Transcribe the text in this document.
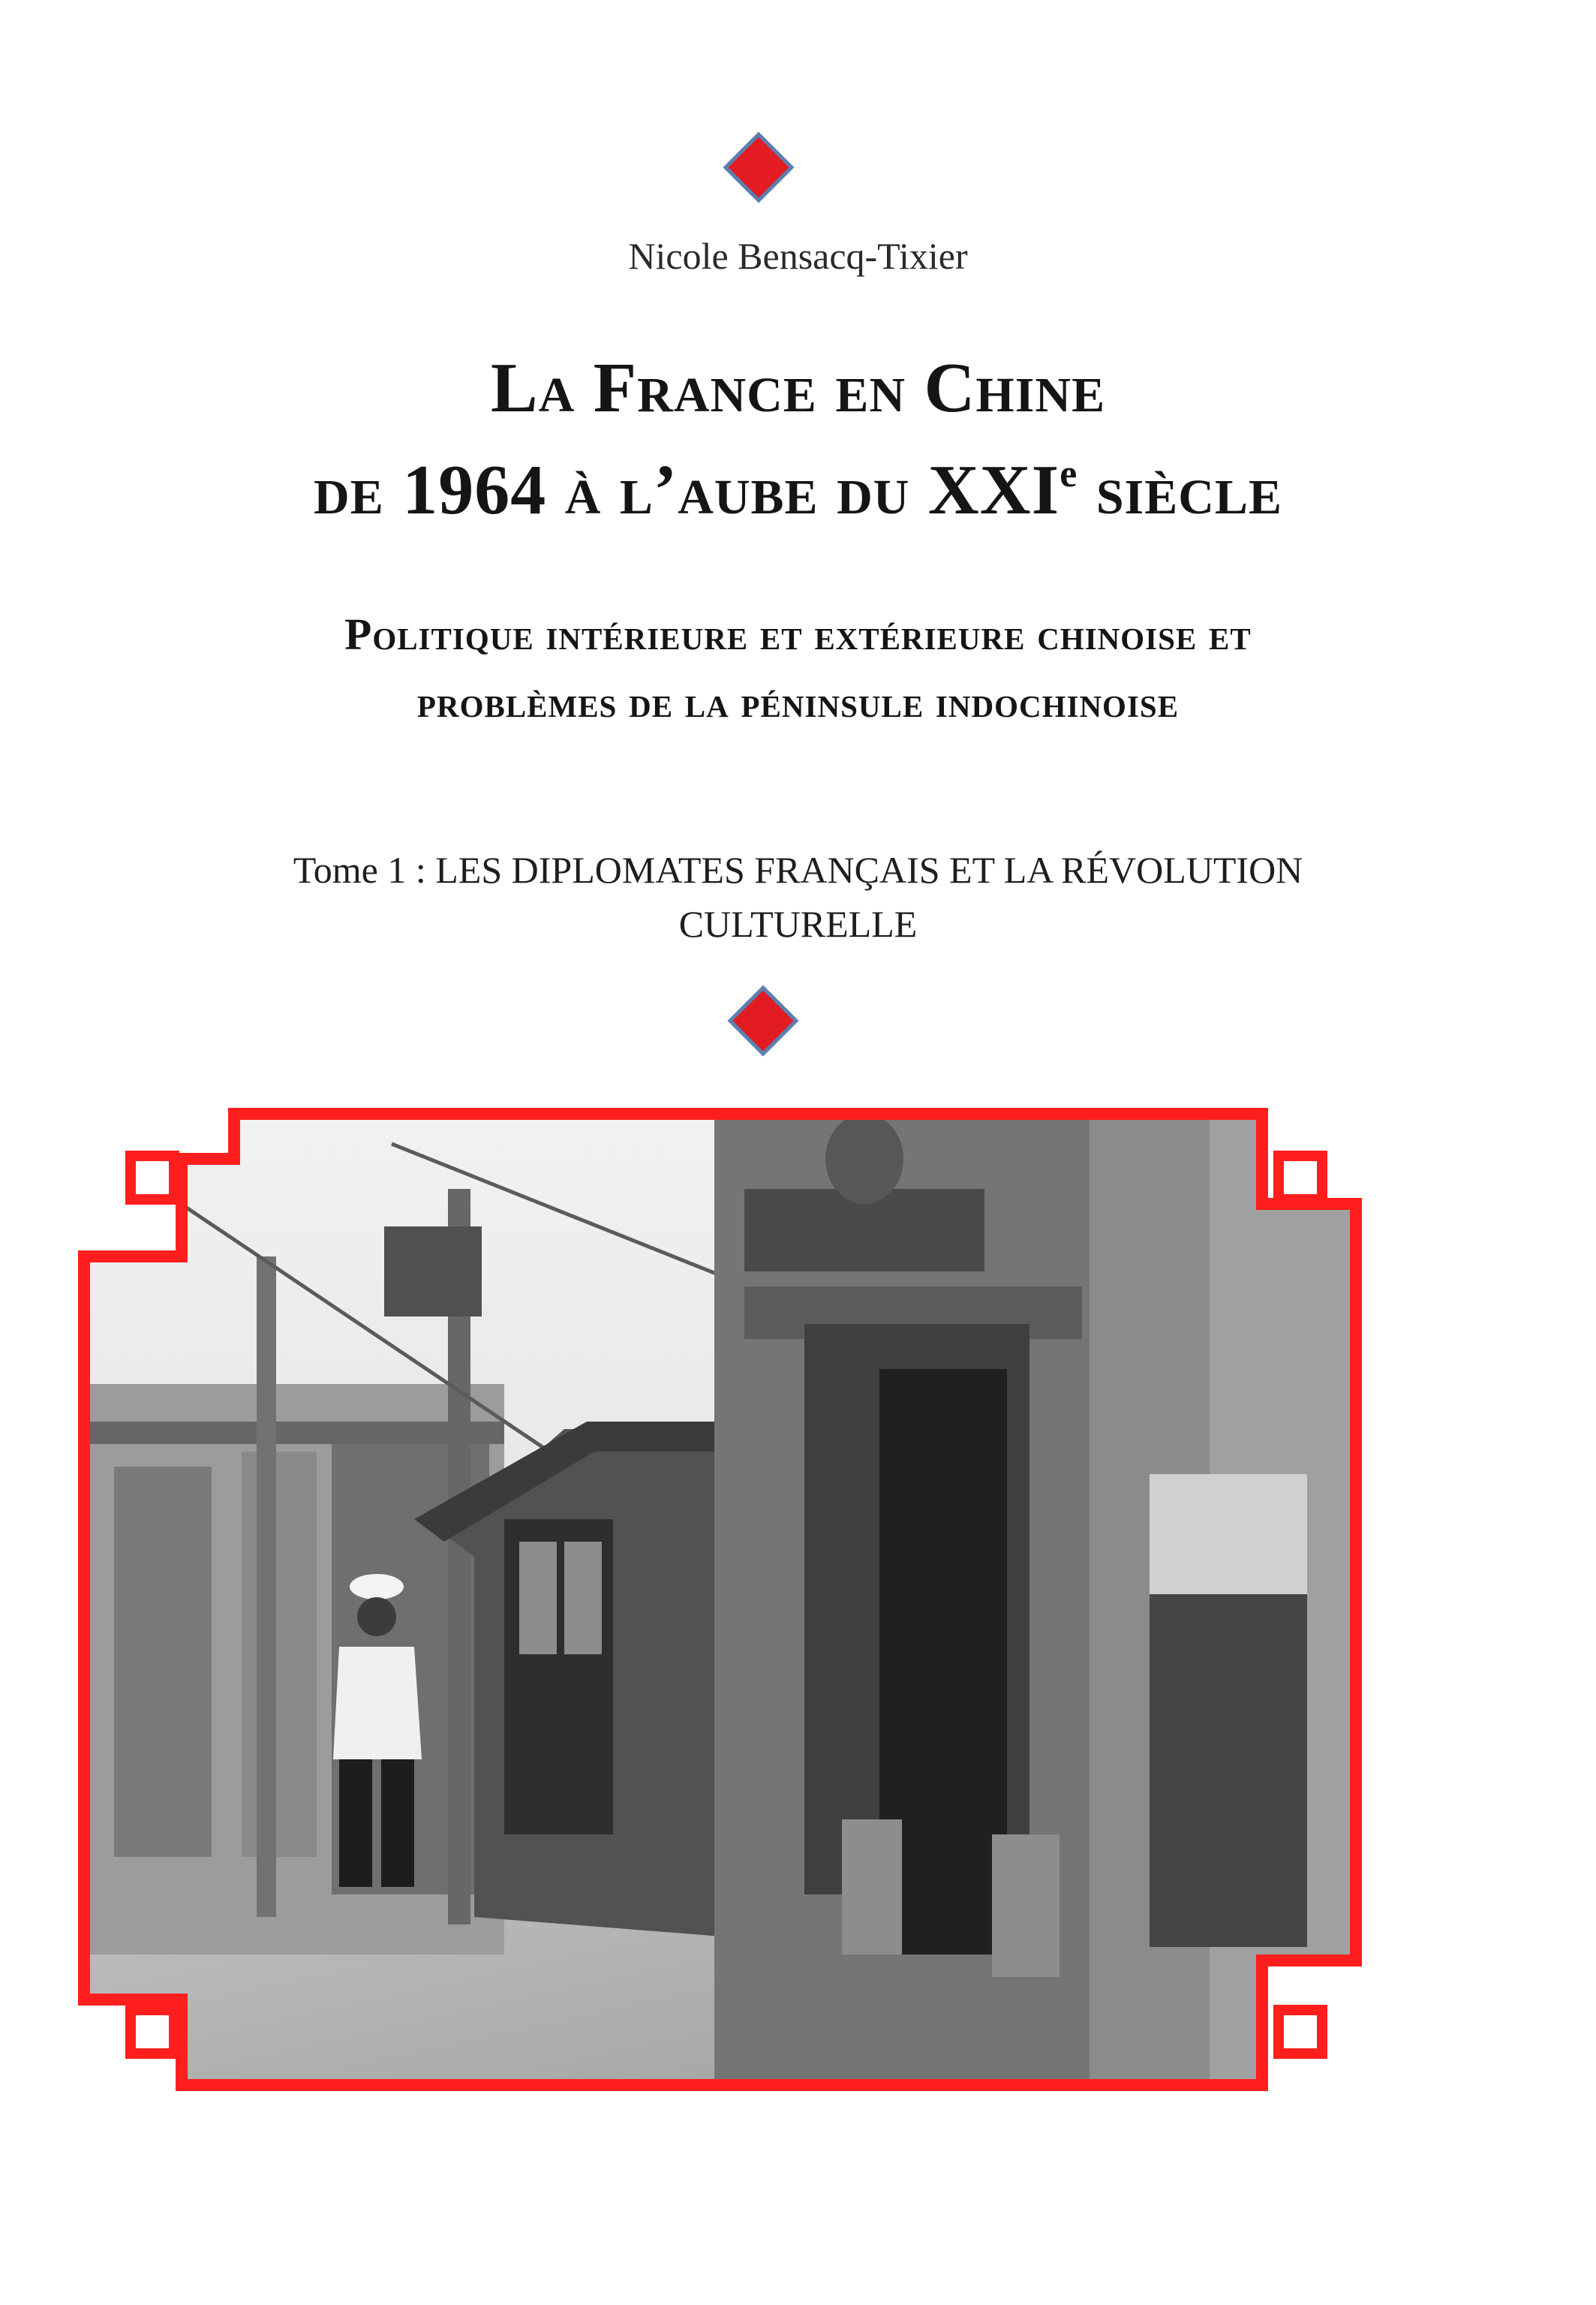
Nicole Bensacq-Tixier
La France en Chine
de 1964 à l’aube du XXIe siècle
Politique intérieure et extérieure chinoise et
problèmes de la péninsule indochinoise
Tome 1 : LES DIPLOMATES FRANÇAIS ET LA RÉVOLUTION
CULTURELLE
